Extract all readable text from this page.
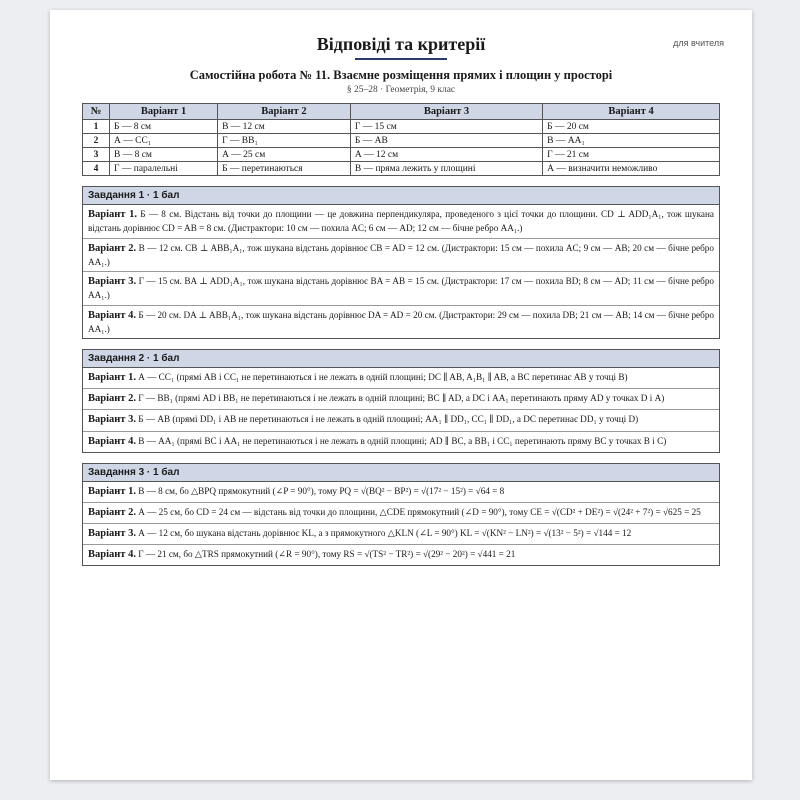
для вчителя
Відповіді та критерії
Самостійна робота № 11. Взаємне розміщення прямих і площин у просторі
§ 25–28 · Геометрія, 9 клас
№	Варіант 1	Варіант 2	Варіант 3	Варіант 4
1	Б — 8 см	В — 12 см	Г — 15 см	Б — 20 см
2	А — CC₁	Г — BB₁	Б — AB	В — AA₁
3	В — 8 см	А — 25 см	А — 12 см	Г — 21 см
4	Г — паралельні	Б — перетинаються	В — пряма лежить у площині	А — визначити неможливо
Завдання 1 · 1 бал
Варіант 1. Б — 8 см. Відстань від точки до площини — це довжина перпендикуляра, проведеного з цієї точки до площини. CD ⊥ ADD₁A₁, тож шукана відстань дорівнює CD = AB = 8 см. (Дистрактори: 10 см — похила AC; 6 см — AD; 12 см — бічне ребро AA₁.)
Варіант 2. В — 12 см. CB ⊥ ABB₁A₁, тож шукана відстань дорівнює CB = AD = 12 см. (Дистрактори: 15 см — похила AC; 9 см — AB; 20 см — бічне ребро AA₁.)
Варіант 3. Г — 15 см. BA ⊥ ADD₁A₁, тож шукана відстань дорівнює BA = AB = 15 см. (Дистрактори: 17 см — похила BD; 8 см — AD; 11 см — бічне ребро AA₁.)
Варіант 4. Б — 20 см. DA ⊥ ABB₁A₁, тож шукана відстань дорівнює DA = AD = 20 см. (Дистрактори: 29 см — похила DB; 21 см — AB; 14 см — бічне ребро AA₁.)
Завдання 2 · 1 бал
Варіант 1. А — CC₁ (прямі AB і CC₁ не перетинаються і не лежать в одній площині; DC ∥ AB, A₁B₁ ∥ AB, а BC перетинає AB у точці B)
Варіант 2. Г — BB₁ (прямі AD і BB₁ не перетинаються і не лежать в одній площині; BC ∥ AD, а DC і AA₁ перетинають пряму AD у точках D і A)
Варіант 3. Б — AB (прямі DD₁ і AB не перетинаються і не лежать в одній площині; AA₁ ∥ DD₁, CC₁ ∥ DD₁, а DC перетинає DD₁ у точці D)
Варіант 4. В — AA₁ (прямі BC і AA₁ не перетинаються і не лежать в одній площині; AD ∥ BC, а BB₁ і CC₁ перетинають пряму BC у точках B і C)
Завдання 3 · 1 бал
Варіант 1. В — 8 см, бо △BPQ прямокутний (∠P = 90°), тому PQ = √(BQ² − BP²) = √(17² − 15²) = √64 = 8
Варіант 2. А — 25 см, бо CD = 24 см — відстань від точки до площини, △CDE прямокутний (∠D = 90°), тому CE = √(CD² + DE²) = √(24² + 7²) = √625 = 25
Варіант 3. А — 12 см, бо шукана відстань дорівнює KL, а з прямокутного △KLN (∠L = 90°) KL = √(KN² − LN²) = √(13² − 5²) = √144 = 12
Варіант 4. Г — 21 см, бо △TRS прямокутний (∠R = 90°), тому RS = √(TS² − TR²) = √(29² − 20²) = √441 = 21
